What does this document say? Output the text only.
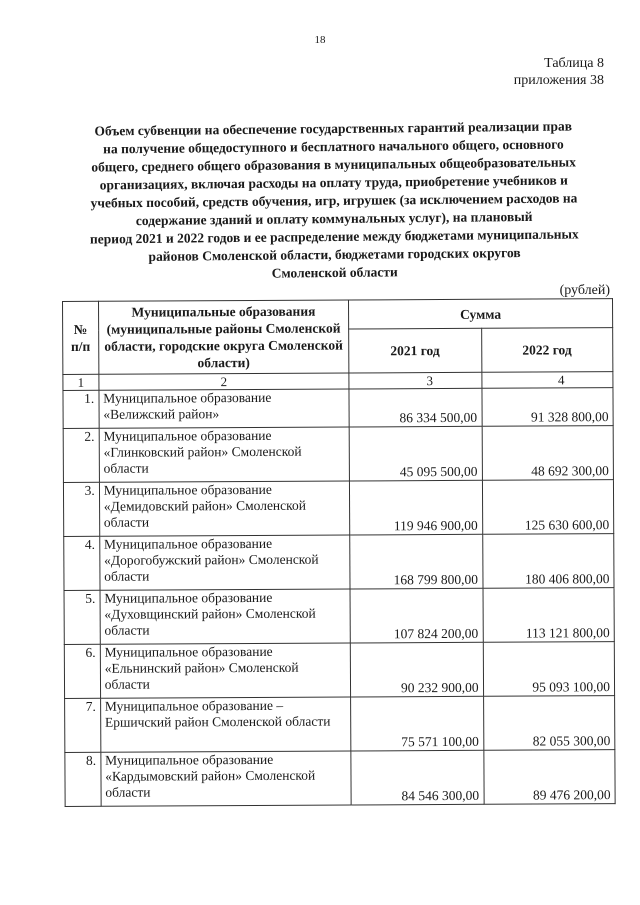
18
Таблица 8
приложения 38
Объем субвенции на обеспечение государственных гарантий реализации прав
на получение общедоступного и бесплатного начального общего, основного
общего, среднего общего образования в муниципальных общеобразовательных
организациях, включая расходы на оплату труда, приобретение учебников и
учебных пособий, средств обучения, игр, игрушек (за исключением расходов на
содержание зданий и оплату коммунальных услуг), на плановый
период 2021 и 2022 годов и ее распределение между бюджетами муниципальных
районов Смоленской области, бюджетами городских округов
Смоленской области
(рублей)
№ п/п	Муниципальные образования (муниципальные районы Смоленской области, городские округа Смоленской области)	Сумма	
		2021 год	2022 год
1	2	3	4
1.	Муниципальное образование «Велижский район»	86 334 500,00	91 328 800,00
2.	Муниципальное образование «Глинковский район» Смоленской области	45 095 500,00	48 692 300,00
3.	Муниципальное образование «Демидовский район» Смоленской области	119 946 900,00	125 630 600,00
4.	Муниципальное образование «Дорогобужский район» Смоленской области	168 799 800,00	180 406 800,00
5.	Муниципальное образование «Духовщинский район» Смоленской области	107 824 200,00	113 121 800,00
6.	Муниципальное образование «Ельнинский район» Смоленской области	90 232 900,00	95 093 100,00
7.	Муниципальное образование – Ершичский район Смоленской области	75 571 100,00	82 055 300,00
8.	Муниципальное образование «Кардымовский район» Смоленской области	84 546 300,00	89 476 200,00
